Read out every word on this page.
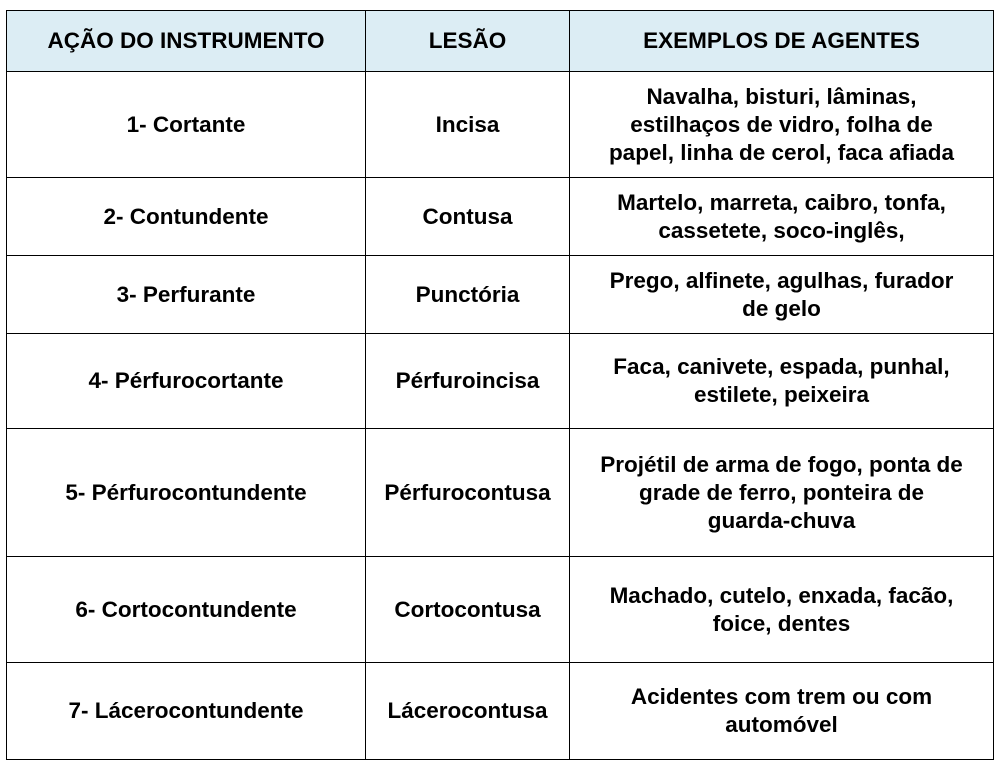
AÇÃO DO INSTRUMENTO	LESÃO	EXEMPLOS DE AGENTES
1- Cortante	Incisa	Navalha, bisturi, lâminas,
estilhaços de vidro, folha de
papel, linha de cerol, faca afiada

2- Contundente	Contusa	Martelo, marreta, caibro, tonfa,
cassetete, soco-inglês,

3- Perfurante	Punctória	Prego, alfinete, agulhas, furador
de gelo

4- Pérfurocortante	Pérfuroincisa	Faca, canivete, espada, punhal,
estilete, peixeira

5- Pérfurocontundente	Pérfurocontusa	Projétil de arma de fogo, ponta de
grade de ferro, ponteira de
guarda-chuva

6- Cortocontundente	Cortocontusa	Machado, cutelo, enxada, facão,
foice, dentes

7- Lácerocontundente	Lácerocontusa	Acidentes com trem ou com
automóvel
